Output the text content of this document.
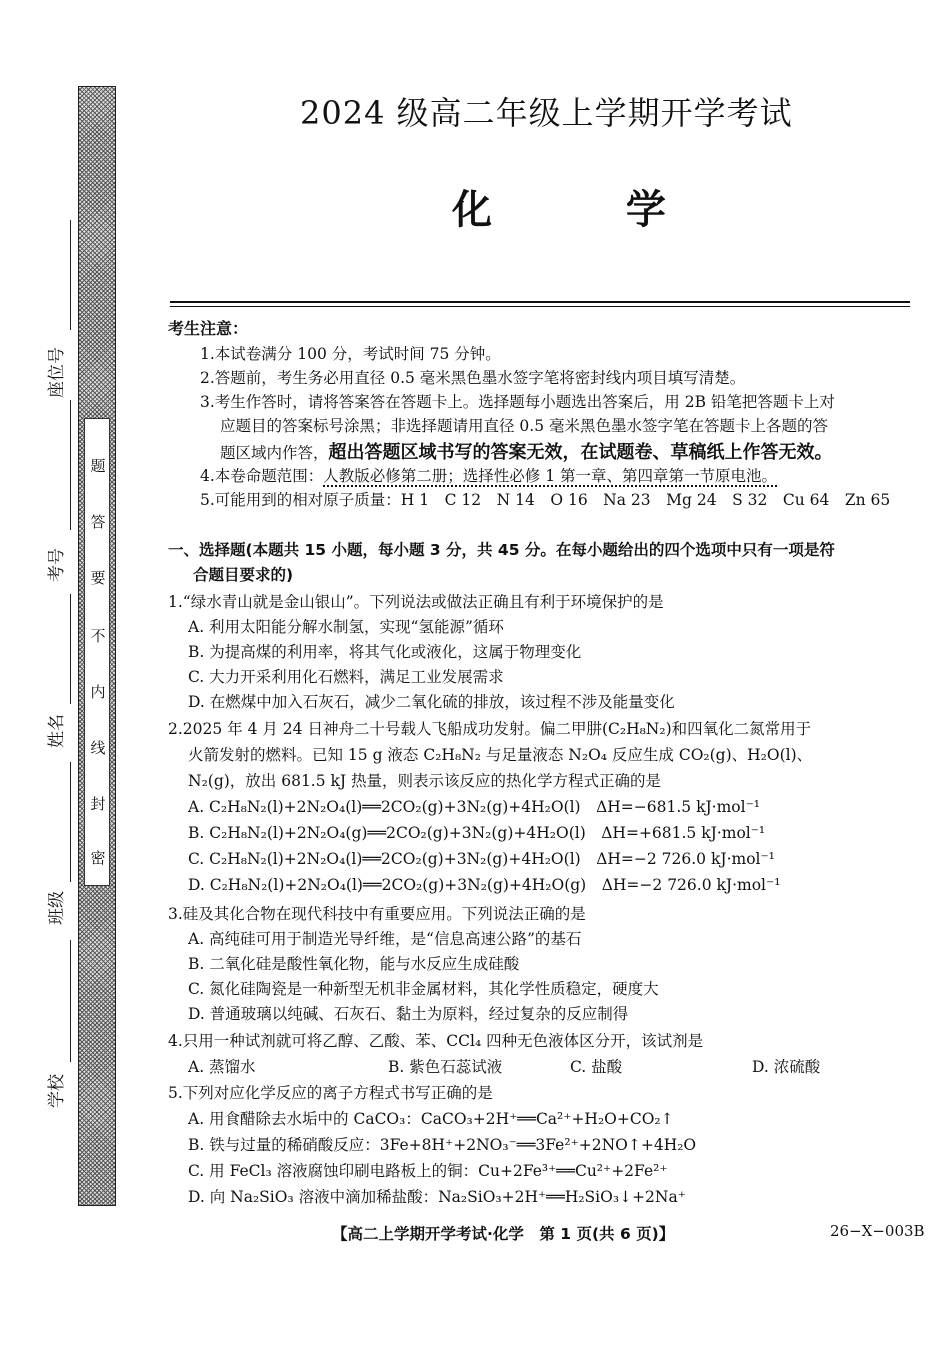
题
答
要
不
内
线
封
密
座位号
考号
姓名
班级
学校
2024 级高二年级上学期开学考试
化 学
考生注意：
1.本试卷满分 100 分，考试时间 75 分钟。
2.答题前，考生务必用直径 0.5 毫米黑色墨水签字笔将密封线内项目填写清楚。
3.考生作答时，请将答案答在答题卡上。选择题每小题选出答案后，用 2B 铅笔把答题卡上对
应题目的答案标号涂黑；非选择题请用直径 0.5 毫米黑色墨水签字笔在答题卡上各题的答
题区域内作答，超出答题区域书写的答案无效，在试题卷、草稿纸上作答无效。
4.本卷命题范围：人教版必修第二册；选择性必修 1 第一章、第四章第一节原电池。
5.可能用到的相对原子质量：H 1　C 12　N 14　O 16　Na 23　Mg 24　S 32　Cu 64　Zn 65
一、选择题(本题共 15 小题，每小题 3 分，共 45 分。在每小题给出的四个选项中只有一项是符
合题目要求的)
1.“绿水青山就是金山银山”。下列说法或做法正确且有利于环境保护的是
A. 利用太阳能分解水制氢，实现“氢能源”循环
B. 为提高煤的利用率，将其气化或液化，这属于物理变化
C. 大力开采利用化石燃料，满足工业发展需求
D. 在燃煤中加入石灰石，减少二氧化硫的排放，该过程不涉及能量变化
2.2025 年 4 月 24 日神舟二十号载人飞船成功发射。偏二甲肼(C₂H₈N₂)和四氧化二氮常用于
火箭发射的燃料。已知 15 g 液态 C₂H₈N₂ 与足量液态 N₂O₄ 反应生成 CO₂(g)、H₂O(l)、
N₂(g)，放出 681.5 kJ 热量，则表示该反应的热化学方程式正确的是
A. C₂H₈N₂(l)+2N₂O₄(l)══2CO₂(g)+3N₂(g)+4H₂O(l)　ΔH=−681.5 kJ·mol⁻¹
B. C₂H₈N₂(l)+2N₂O₄(g)══2CO₂(g)+3N₂(g)+4H₂O(l)　ΔH=+681.5 kJ·mol⁻¹
C. C₂H₈N₂(l)+2N₂O₄(l)══2CO₂(g)+3N₂(g)+4H₂O(l)　ΔH=−2 726.0 kJ·mol⁻¹
D. C₂H₈N₂(l)+2N₂O₄(l)══2CO₂(g)+3N₂(g)+4H₂O(g)　ΔH=−2 726.0 kJ·mol⁻¹
3.硅及其化合物在现代科技中有重要应用。下列说法正确的是
A. 高纯硅可用于制造光导纤维，是“信息高速公路”的基石
B. 二氧化硅是酸性氧化物，能与水反应生成硅酸
C. 氮化硅陶瓷是一种新型无机非金属材料，其化学性质稳定，硬度大
D. 普通玻璃以纯碱、石灰石、黏土为原料，经过复杂的反应制得
4.只用一种试剂就可将乙醇、乙酸、苯、CCl₄ 四种无色液体区分开，该试剂是
A. 蒸馏水	B. 紫色石蕊试液	C. 盐酸	D. 浓硫酸
5.下列对应化学反应的离子方程式书写正确的是
A. 用食醋除去水垢中的 CaCO₃：CaCO₃+2H⁺══Ca²⁺+H₂O+CO₂↑
B. 铁与过量的稀硝酸反应：3Fe+8H⁺+2NO₃⁻══3Fe²⁺+2NO↑+4H₂O
C. 用 FeCl₃ 溶液腐蚀印刷电路板上的铜：Cu+2Fe³⁺══Cu²⁺+2Fe²⁺
D. 向 Na₂SiO₃ 溶液中滴加稀盐酸：Na₂SiO₃+2H⁺══H₂SiO₃↓+2Na⁺
【高二上学期开学考试·化学　第 1 页(共 6 页)】	26−X−003B
